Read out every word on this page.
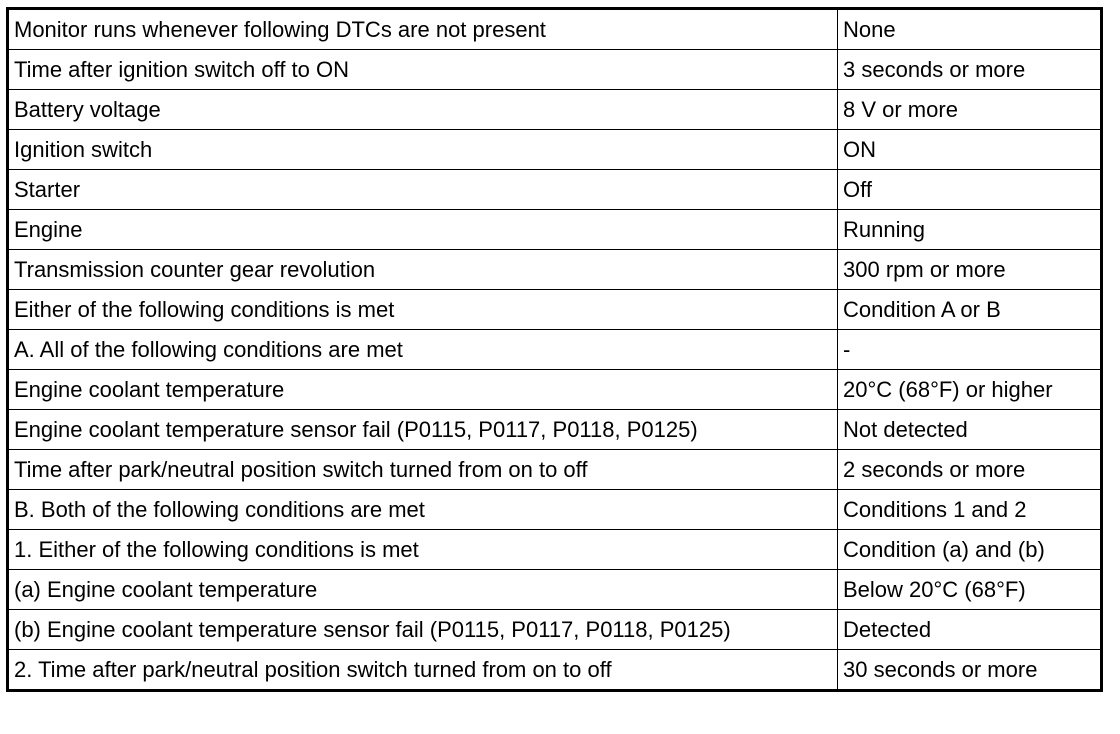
Monitor runs whenever following DTCs are not present	None
Time after ignition switch off to ON	3 seconds or more
Battery voltage	8 V or more
Ignition switch	ON
Starter	Off
Engine	Running
Transmission counter gear revolution	300 rpm or more
Either of the following conditions is met	Condition A or B
A. All of the following conditions are met	-
Engine coolant temperature	20°C (68°F) or higher
Engine coolant temperature sensor fail (P0115, P0117, P0118, P0125)	Not detected
Time after park/neutral position switch turned from on to off	2 seconds or more
B. Both of the following conditions are met	Conditions 1 and 2
1. Either of the following conditions is met	Condition (a) and (b)
(a) Engine coolant temperature	Below 20°C (68°F)
(b) Engine coolant temperature sensor fail (P0115, P0117, P0118, P0125)	Detected
2. Time after park/neutral position switch turned from on to off	30 seconds or more
